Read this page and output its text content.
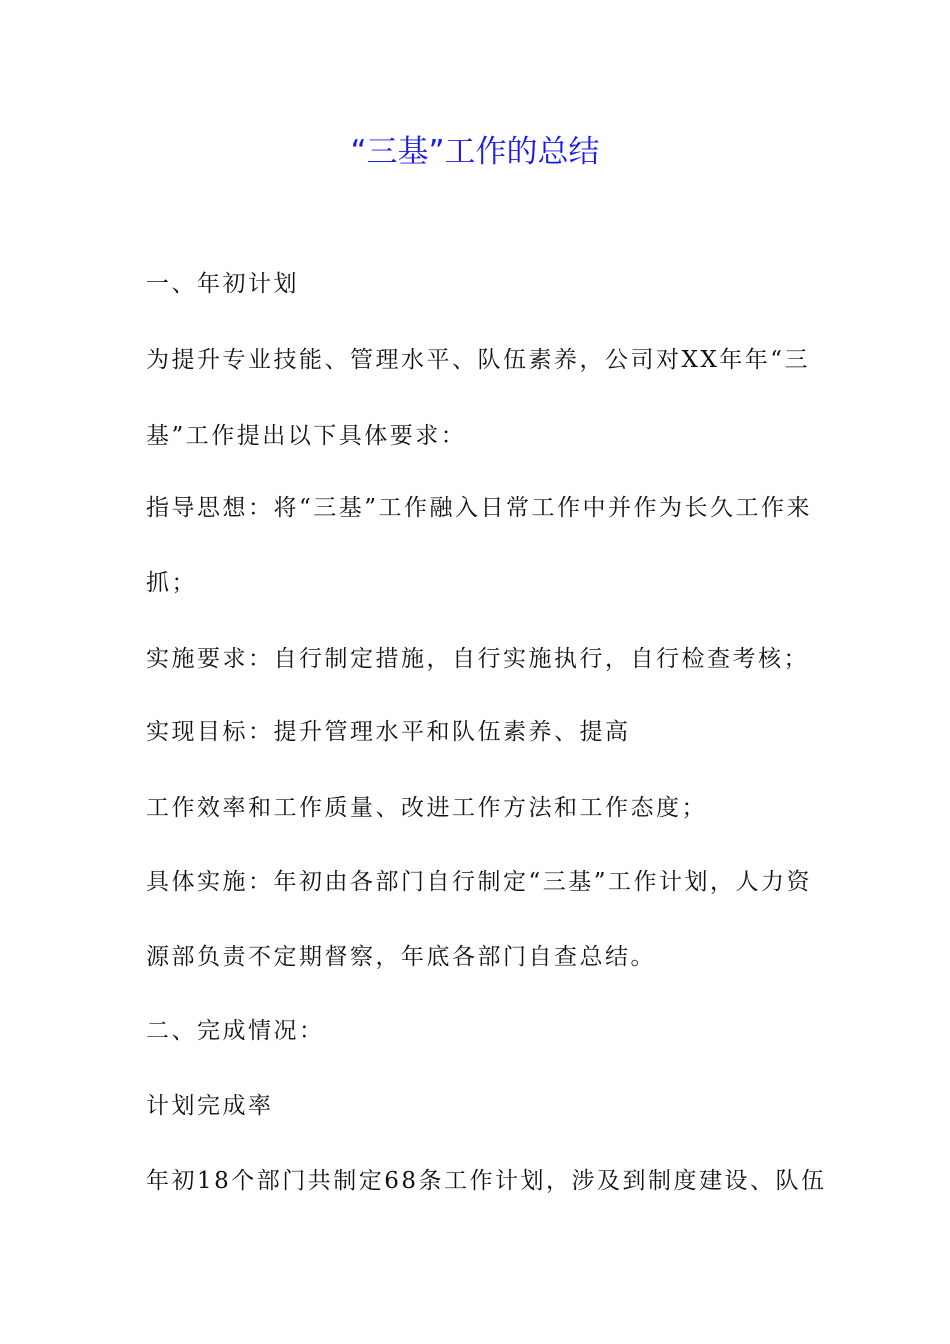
“三基”工作的总结

一、年初计划

为提升专业技能、管理水平、队伍素养，公司对XX年年“三

基”工作提出以下具体要求：

指导思想：将“三基”工作融入日常工作中并作为长久工作来

抓；

实施要求：自行制定措施，自行实施执行，自行检查考核；

实现目标：提升管理水平和队伍素养、提高

工作效率和工作质量、改进工作方法和工作态度；

具体实施：年初由各部门自行制定“三基”工作计划，人力资

源部负责不定期督察，年底各部门自查总结。

二、完成情况：

计划完成率

年初18个部门共制定68条工作计划，涉及到制度建设、队伍
